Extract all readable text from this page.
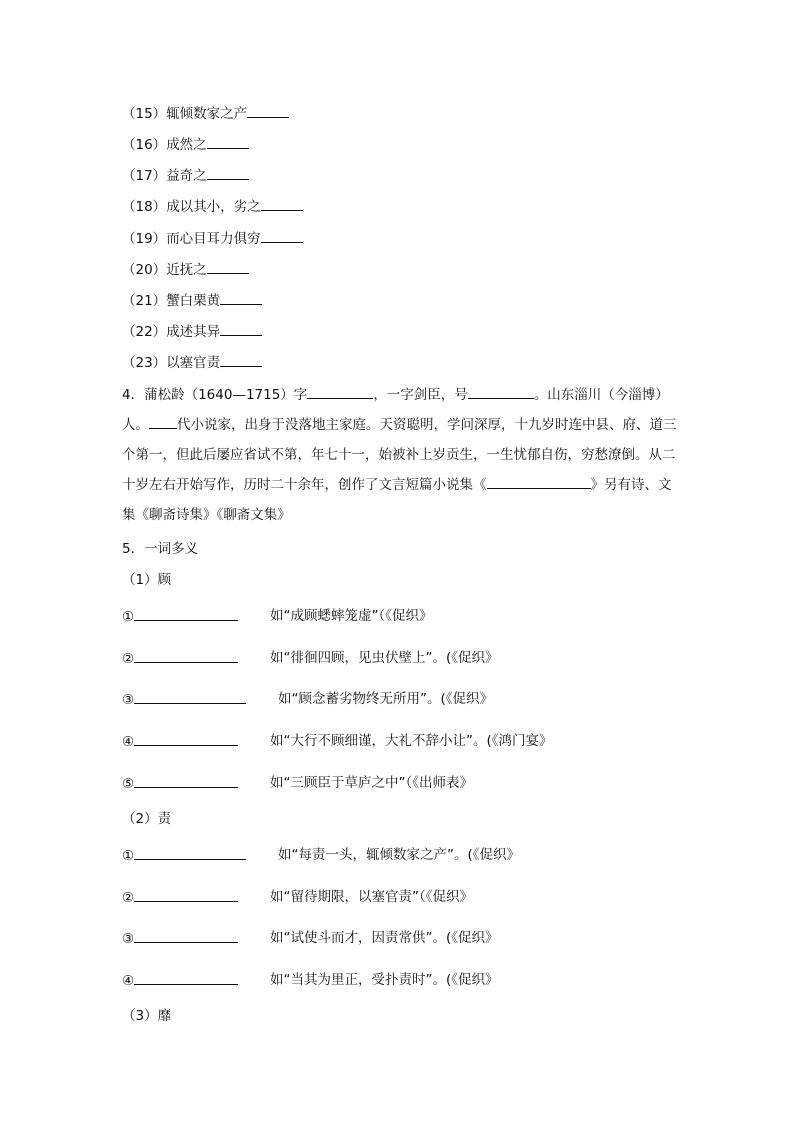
（15）辄倾数家之产
（16）成然之
（17）益奇之
（18）成以其小，劣之
（19）而心目耳力俱穷
（20）近抚之
（21）蟹白栗黄
（22）成述其异
（23）以塞官责
4．蒲松龄（1640—1715）字	，一字剑臣，号	。山东淄川（今淄博）
人。 代小说家，出身于没落地主家庭。天资聪明，学问深厚，十九岁时连中县、府、道三个第一，但此后屡应省试不第，年七十一，始被补上岁贡生，一生忧郁自伤，穷愁潦倒。从二十岁左右开始写作，历时二十余年，创作了文言短篇小说集《	》另有诗、文集《聊斋诗集》《聊斋文集》
5．一词多义
（1）顾
①	如“成顾蟋蟀笼虚”（《促织》
②	如“徘徊四顾，见虫伏壁上”。(《促织》
③	如“顾念蓄劣物终无所用”。(《促织》
④	如“大行不顾细谨，大礼不辞小让”。(《鸿门宴》
⑤	如“三顾臣于草庐之中”（《出师表》
（2）责
①	如“每责一头，辄倾数家之产”。(《促织》
②	如“留待期限，以塞官责”（《促织》
③	如“试使斗而才，因责常供”。(《促织》
④	如“当其为里正，受扑责时”。(《促织》
（3）靡
